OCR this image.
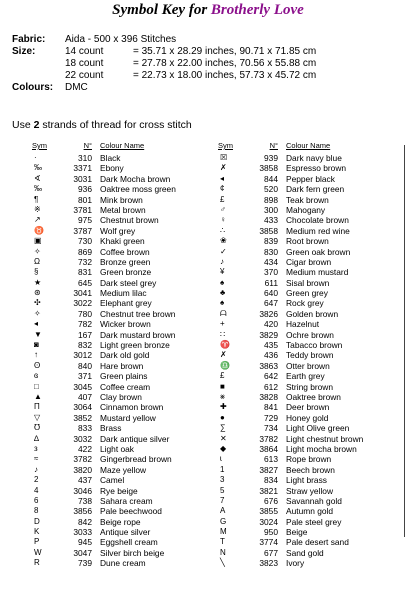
Symbol Key for Brotherly Love
Fabric:	Aida - 500 x 396 Stitches
Size:	14 count	= 35.71 x 28.29 inches, 90.71 x 71.85 cm
18 count	= 27.78 x 22.00 inches, 70.56 x 55.88 cm
22 count	= 22.73 x 18.00 inches, 57.73 x 45.72 cm
Colours:	DMC
Use 2 strands of thread for cross stitch
Sym	N°	Colour Name
·	310 Black
‰	3371 Ebony
∢	3031 Dark Mocha brown
‰	936 Oaktree moss green
¶	801 Mink brown
※	3781 Metal brown
↗	975 Chestnut brown
♉	3787 Wolf grey
▣	730 Khaki green
✧	869 Coffee brown
Ω	732 Bronze green
§	831 Green bronze
★	645 Dark steel grey
⊛	3041 Medium lilac
✣	3022 Elephant grey
✧	780 Chestnut tree brown
◂	782 Wicker brown
▼	167 Dark mustard brown
◙	832 Light green bronze
↑	3012 Dark old gold
ʘ	840 Hare brown
ɞ	371 Green plains
□	3045 Coffee cream
▲	407 Clay brown
Π	3064 Cinnamon brown
▽	3852 Mustard yellow
℧	833 Brass
∆	3032 Dark antique silver
з	422 Light oak
≈	3782 Gingerbread brown
♪	3820 Maze yellow
2	437 Camel
4	3046 Rye beige
6	738 Sahara cream
8	3856 Pale beechwood
D	842 Beige rope
K	3033 Antique silver
P	945 Eggshell cream
W	3047 Silver birch beige
R	739 Dune cream
Sym	N°	Colour Name
☒	939 Dark navy blue
✗	3858 Espresso brown
◂	844 Pepper black
¢	520 Dark fern green
£	898 Teak brown
♂	300 Mahogany
♀	433 Chocolate brown
∴	3858 Medium red wine
❀	839 Root brown
✓	830 Green oak brown
♪	434 Cigar brown
¥	370 Medium mustard
♠	611 Sisal brown
♣	640 Green grey
♠	647 Rock grey
ᗩ	3826 Golden brown
+	420 Hazelnut
∷	3829 Ochre brown
♈	435 Tabacco brown
✗	436 Teddy brown
♎	3863 Otter brown
£	642 Earth grey
■	612 String brown
⨳	3828 Oaktree brown
✚	841 Deer brown
●	729 Honey gold
∑	734 Light Olive green
✕	3782 Light chestnut brown
◆	3864 Light mocha brown
ɩ	613 Rope brown
1	3827 Beech brown
3	834 Light brass
5	3821 Straw yellow
7	676 Savannah gold
A	3855 Autumn gold
G	3024 Pale steel grey
M	950 Beige
T	3774 Pale desert sand
N	677 Sand gold
╲	3823 Ivory
